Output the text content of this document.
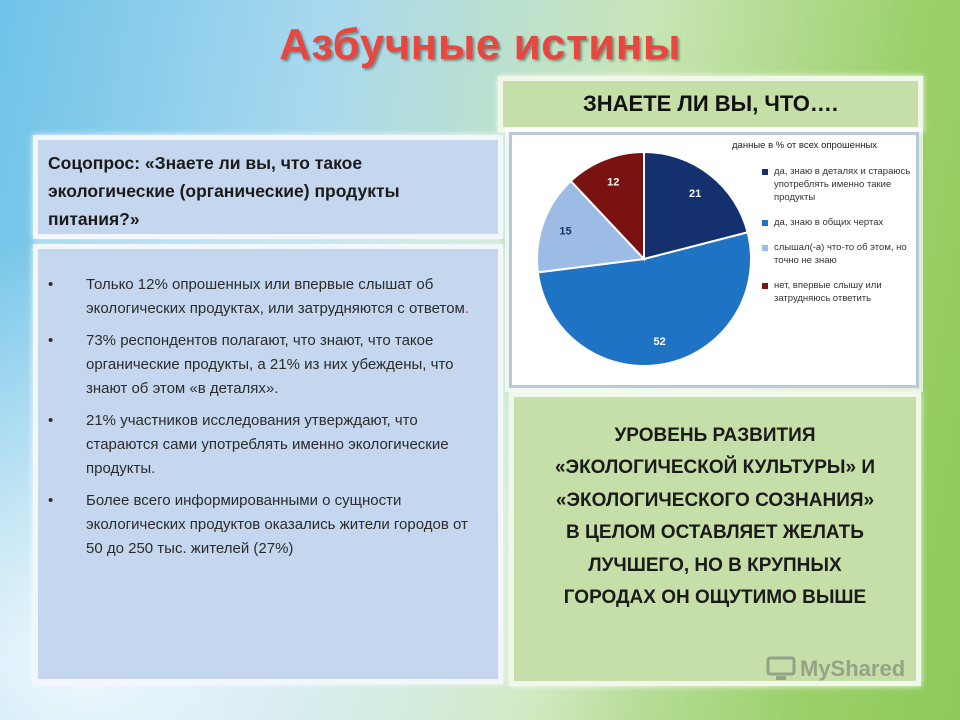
Азбучные истины
ЗНАЕТЕ ЛИ ВЫ, ЧТО….
Соцопрос: «Знаете ли вы, что такое экологические (органические) продукты питания?»
• Только 12% опрошенных или впервые слышат об экологических продуктах, или затрудняются с ответом.
• 73% респондентов полагают, что знают, что такое органические продукты, а 21% из них убеждены, что знают об этом «в деталях».
• 21% участников исследования утверждают, что стараются сами употреблять именно экологические продукты.
• Более всего информированными о сущности экологических продуктов оказались жители городов от 50 до 250 тыс. жителей (27%)
21
52
15
12
данные в % от всех опрошенных
да, знаю в деталях и стараюсь употреблять именно такие продукты
да, знаю в общих чертах
слышал(-а) что-то об этом, но точно не знаю
нет, впервые слышу или затрудняюсь ответить
УРОВЕНЬ РАЗВИТИЯ
«ЭКОЛОГИЧЕСКОЙ КУЛЬТУРЫ» И
«ЭКОЛОГИЧЕСКОГО СОЗНАНИЯ»
В ЦЕЛОМ ОСТАВЛЯЕТ ЖЕЛАТЬ
ЛУЧШЕГО, НО В КРУПНЫХ
ГОРОДАХ ОН ОЩУТИМО ВЫШЕ
MyShared
